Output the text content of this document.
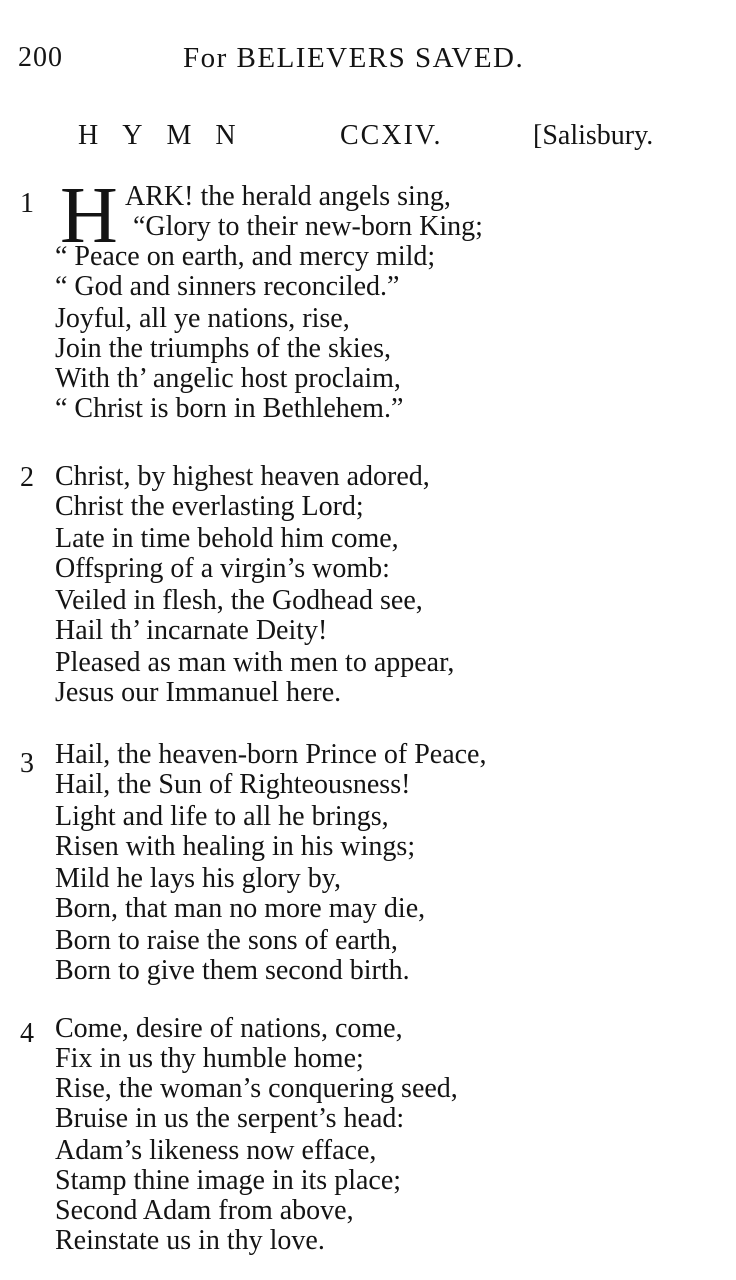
200	For BELIEVERS SAVED.
HYMN	CCXIV.	[Salisbury.
1 H ARK! the herald angels sing,
“Glory to their new-born King;
“ Peace on earth, and mercy mild;
“ God and sinners reconciled.”
Joyful, all ye nations, rise,
Join the triumphs of the skies,
With th’ angelic host proclaim,
“ Christ is born in Bethlehem.”
2 Christ, by highest heaven adored,
Christ the everlasting Lord;
Late in time behold him come,
Offspring of a virgin’s womb:
Veiled in flesh, the Godhead see,
Hail th’ incarnate Deity!
Pleased as man with men to appear,
Jesus our Immanuel here.
3 Hail, the heaven-born Prince of Peace,
Hail, the Sun of Righteousness!
Light and life to all he brings,
Risen with healing in his wings;
Mild he lays his glory by,
Born, that man no more may die,
Born to raise the sons of earth,
Born to give them second birth.
4 Come, desire of nations, come,
Fix in us thy humble home;
Rise, the woman’s conquering seed,
Bruise in us the serpent’s head:
Adam’s likeness now efface,
Stamp thine image in its place;
Second Adam from above,
Reinstate us in thy love.
